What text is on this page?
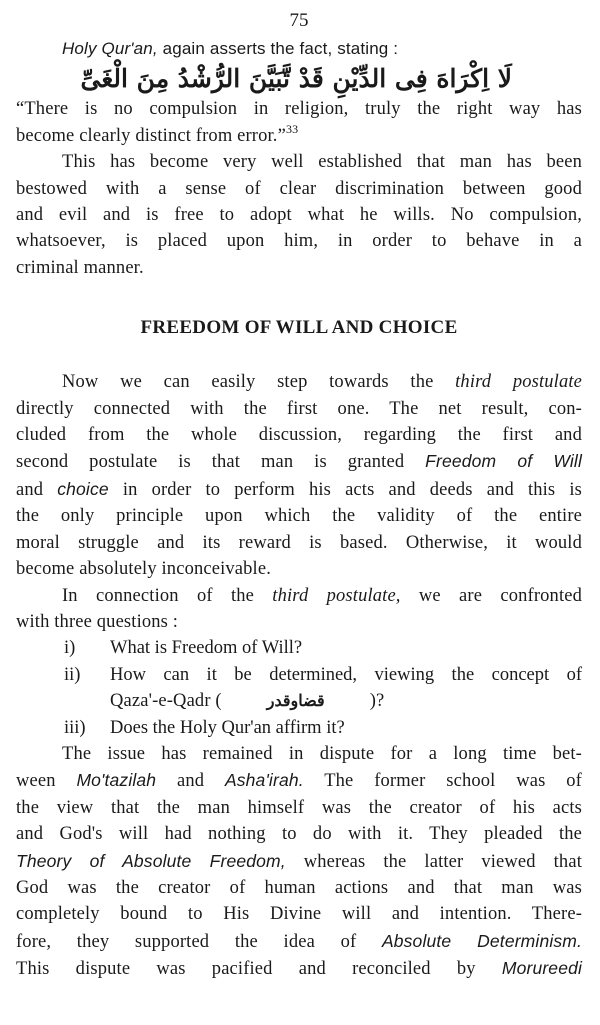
75
Holy Qur'an, again asserts the fact, stating :
لَا اِكْرَاهَ فِى الدِّيْنِ قَدْ تَّبَيَّنَ الرُّشْدُ مِنَ الْغَىِّ
“There is no compulsion in religion, truly the right way has
become clearly distinct from error.”$^{33}$
This has become very well established that man has been
bestowed with a sense of clear discrimination between good
and evil and is free to adopt what he wills. No compulsion,
whatsoever, is placed upon him, in order to behave in a
criminal manner.
FREEDOM OF WILL AND CHOICE
Now we can easily step towards the third postulate
directly connected with the first one. The net result, con-
cluded from the whole discussion, regarding the first and
second postulate is that man is granted Freedom of Will
and choice in order to perform his acts and deeds and this is
the only principle upon which the validity of the entire
moral struggle and its reward is based. Otherwise, it would
become absolutely inconceivable.
In connection of the third postulate, we are confronted
with three questions :
i)	What is Freedom of Will?
ii)	How can it be determined, viewing the concept of
Qaza'-e-Qadr (	قضاوقدر )?
iii)	Does the Holy Qur'an affirm it?
The issue has remained in dispute for a long time bet-
ween Mo'tazilah and Asha'irah. The former school was of
the view that the man himself was the creator of his acts
and God's will had nothing to do with it. They pleaded the
Theory of Absolute Freedom, whereas the latter viewed that
God was the creator of human actions and that man was
completely bound to His Divine will and intention. There-
fore, they supported the idea of Absolute Determinism.
This dispute was pacified and reconciled by Morureedi
